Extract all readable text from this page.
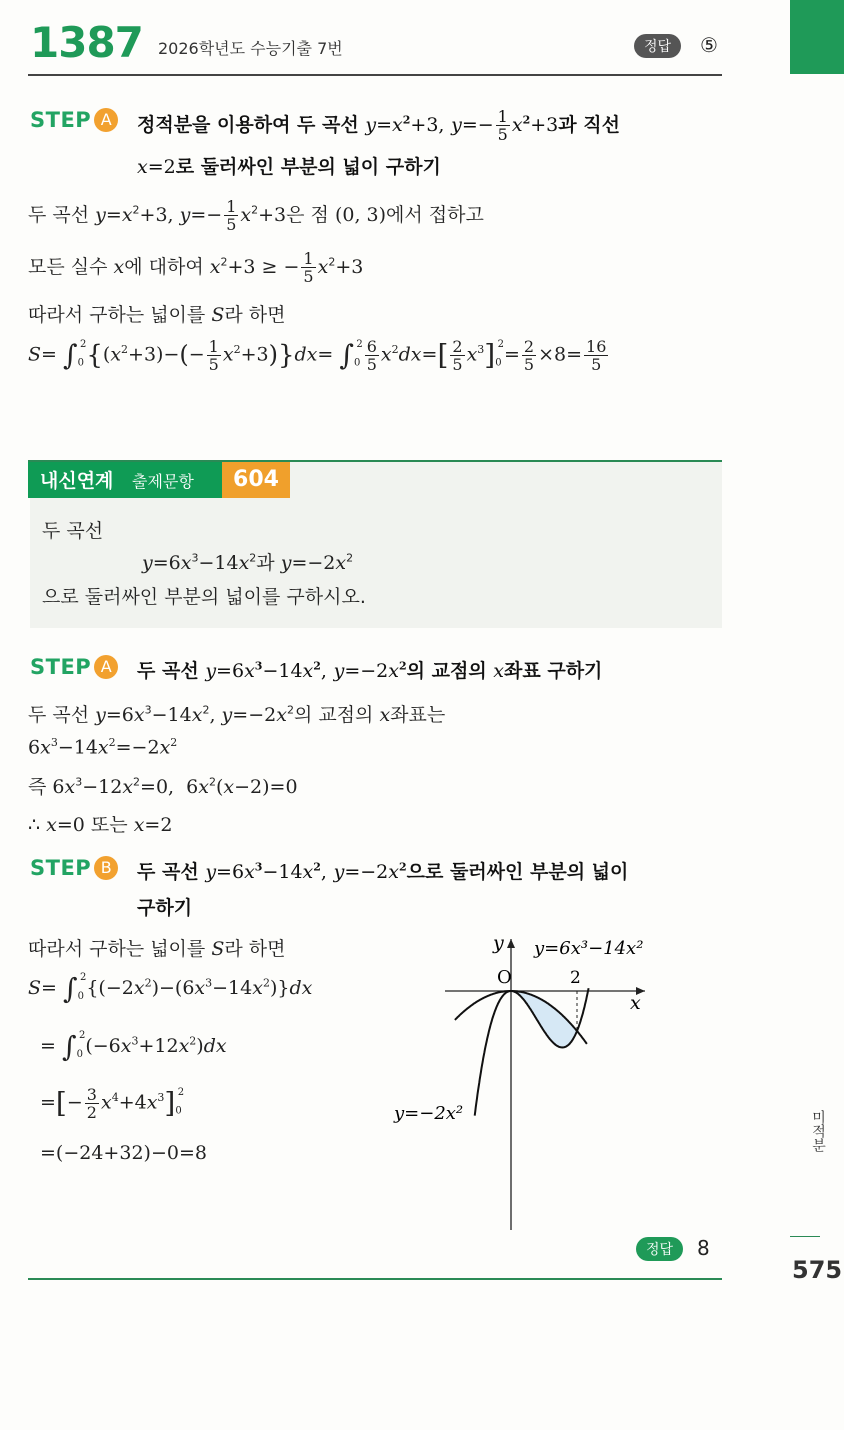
1387 2026학년도 수능기출 7번	정답	⑤
STEP A	정적분을 이용하여 두 곡선 $y=x^2+3$, $y=- \frac{1}{5} x^2+3$과 직선
x=2로 둘러싸인 부분의 넓이 구하기
두 곡선 $y=x^2+3$, $y=- \frac{1}{5} x^2+3$은 점 (0, 3)에서 접하고
모든 실수 x에 대하여 $x^2+3$ ≥ − $\frac{1}{5} x^2+3$
따라서 구하는 넓이를 S라 하면
$S= \int_0^2\{(x^2+3)-(- \frac{1}{5} x^2+3)\}dx= \int_0^2 \frac{6}{5} x^2dx=[ \frac{2}{5} x^3]_0^2= \frac{2}{5} \times 8= \frac{16}{5}$
내신연계 출제문항	604
두 곡선
$y=6x^3-14x^2$과 $y=-2x^2$
으로 둘러싸인 부분의 넓이를 구하시오.
STEP A	두 곡선 $y=6x^3-14x^2$, $y=-2x^2$의 교점의 x좌표 구하기
두 곡선 $y=6x^3-14x^2$, $y=-2x^2$의 교점의 x좌표는
$6x^3-14x^2=-2x^2$
즉 $6x^3-12x^2=0$,  $6x^2(x-2)=0$
∴ x=0 또는 x=2
STEP B	두 곡선 $y=6x^3-14x^2$, $y=-2x^2$으로 둘러싸인 부분의 넓이
구하기
따라서 구하는 넓이를 S라 하면
$S= \int_0^2\{(-2x^2)-(6x^3-14x^2)\}dx$
= $\int_0^2(-6x^3+12x^2)dx$
=[− $\frac{3}{2} x^4+4x^3]_0^2$
=(−24+32)−0=8
O	2
x
y y=6x³−14x²
y=−2x²
정답	8
575
미적분
